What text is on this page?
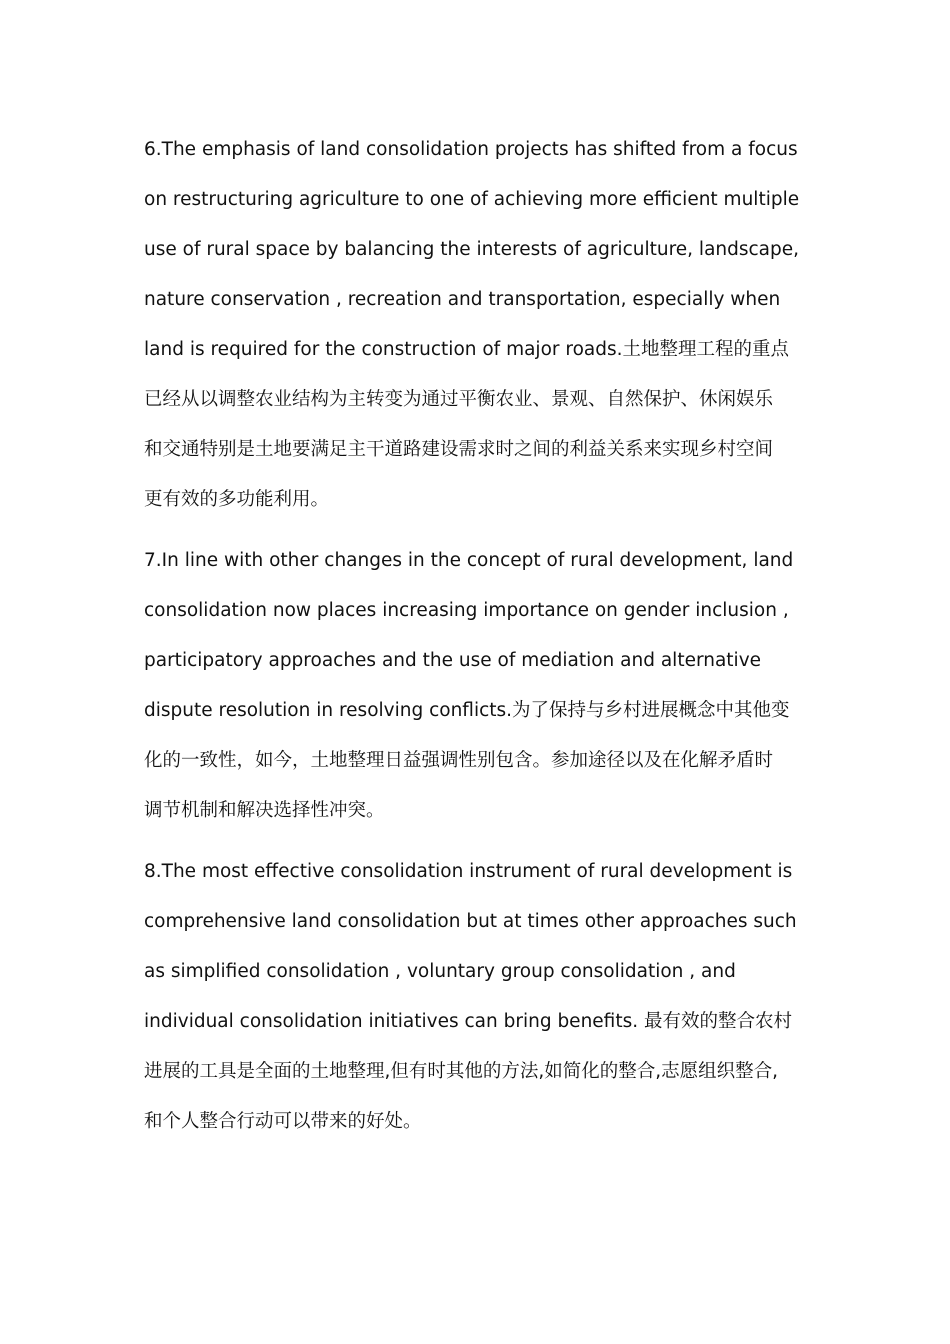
6.The emphasis of land consolidation projects has shifted from a focus
on restructuring agriculture to one of achieving more efficient multiple
use of rural space by balancing the interests of agriculture, landscape,
nature conservation , recreation and transportation, especially when
land is required for the construction of major roads.土地整理工程的重点
已经从以调整农业结构为主转变为通过平衡农业、景观、自然保护、休闲娱乐
和交通特别是土地要满足主干道路建设需求时之间的利益关系来实现乡村空间
更有效的多功能利用。

7.In line with other changes in the concept of rural development, land
consolidation now places increasing importance on gender inclusion ,
participatory approaches and the use of mediation and alternative
dispute resolution in resolving conflicts.为了保持与乡村进展概念中其他变
化的一致性，如今，土地整理日益强调性别包含。参加途径以及在化解矛盾时
调节机制和解决选择性冲突。

8.The most effective consolidation instrument of rural development is
comprehensive land consolidation but at times other approaches such
as simplified consolidation , voluntary group consolidation , and
individual consolidation initiatives can bring benefits. 最有效的整合农村
进展的工具是全面的土地整理,但有时其他的方法,如简化的整合,志愿组织整合,
和个人整合行动可以带来的好处。
